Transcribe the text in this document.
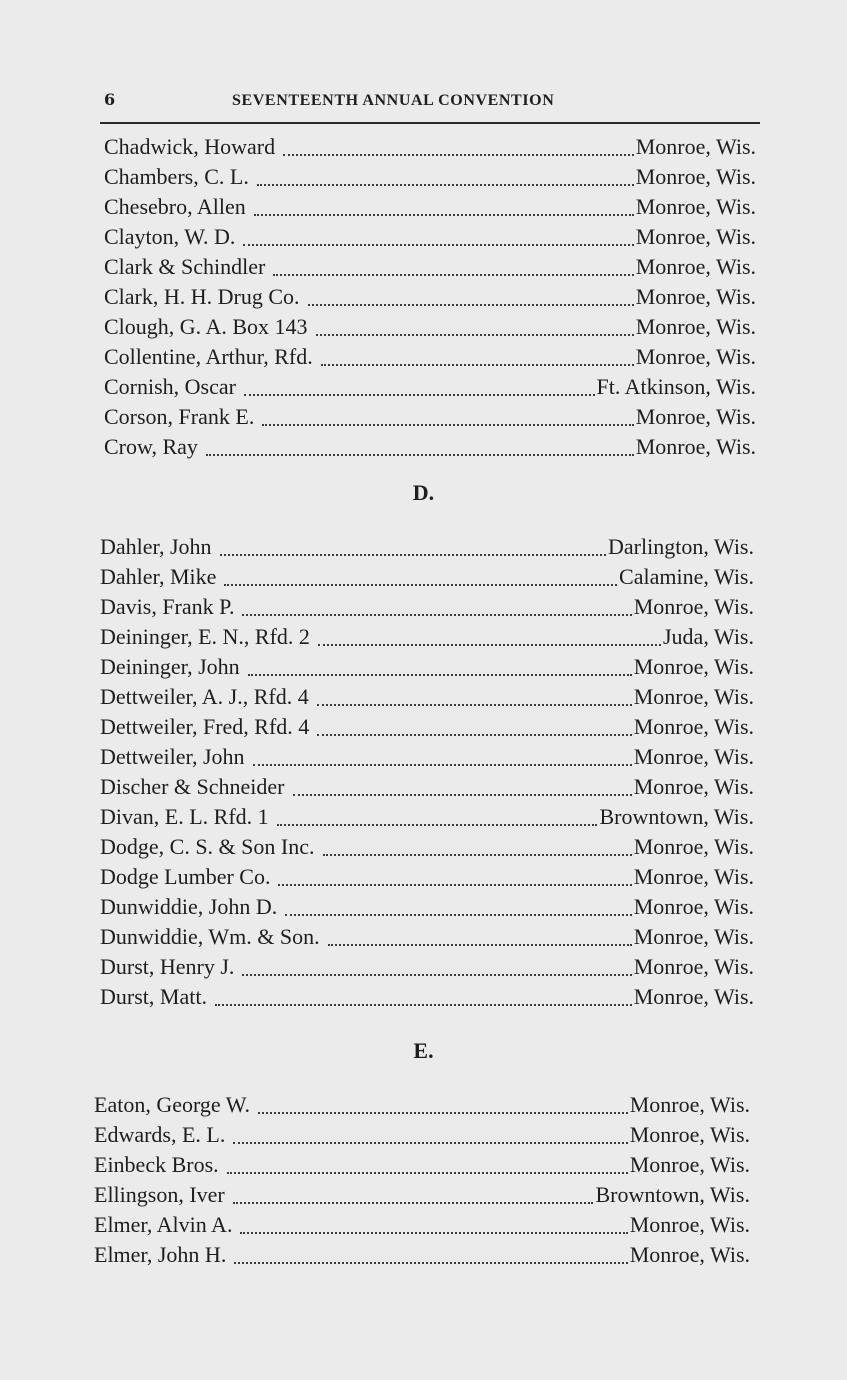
6	SEVENTEENTH ANNUAL CONVENTION
Chadwick, Howard	Monroe, Wis.
Chambers, C. L.	Monroe, Wis.
Chesebro, Allen	Monroe, Wis.
Clayton, W. D.	Monroe, Wis.
Clark & Schindler	Monroe, Wis.
Clark, H. H. Drug Co.	Monroe, Wis.
Clough, G. A. Box 143	Monroe, Wis.
Collentine, Arthur, Rfd.	Monroe, Wis.
Cornish, Oscar	Ft. Atkinson, Wis.
Corson, Frank E.	Monroe, Wis.
Crow, Ray	Monroe, Wis.
D.
Dahler, John	Darlington, Wis.
Dahler, Mike	Calamine, Wis.
Davis, Frank P.	Monroe, Wis.
Deininger, E. N., Rfd. 2	Juda, Wis.
Deininger, John	Monroe, Wis.
Dettweiler, A. J., Rfd. 4	Monroe, Wis.
Dettweiler, Fred, Rfd. 4	Monroe, Wis.
Dettweiler, John	Monroe, Wis.
Discher & Schneider	Monroe, Wis.
Divan, E. L. Rfd. 1	Browntown, Wis.
Dodge, C. S. & Son Inc.	Monroe, Wis.
Dodge Lumber Co.	Monroe, Wis.
Dunwiddie, John D.	Monroe, Wis.
Dunwiddie, Wm. & Son.	Monroe, Wis.
Durst, Henry J.	Monroe, Wis.
Durst, Matt.	Monroe, Wis.
E.
Eaton, George W.	Monroe, Wis.
Edwards, E. L.	Monroe, Wis.
Einbeck Bros.	Monroe, Wis.
Ellingson, Iver	Browntown, Wis.
Elmer, Alvin A.	Monroe, Wis.
Elmer, John H.	Monroe, Wis.
